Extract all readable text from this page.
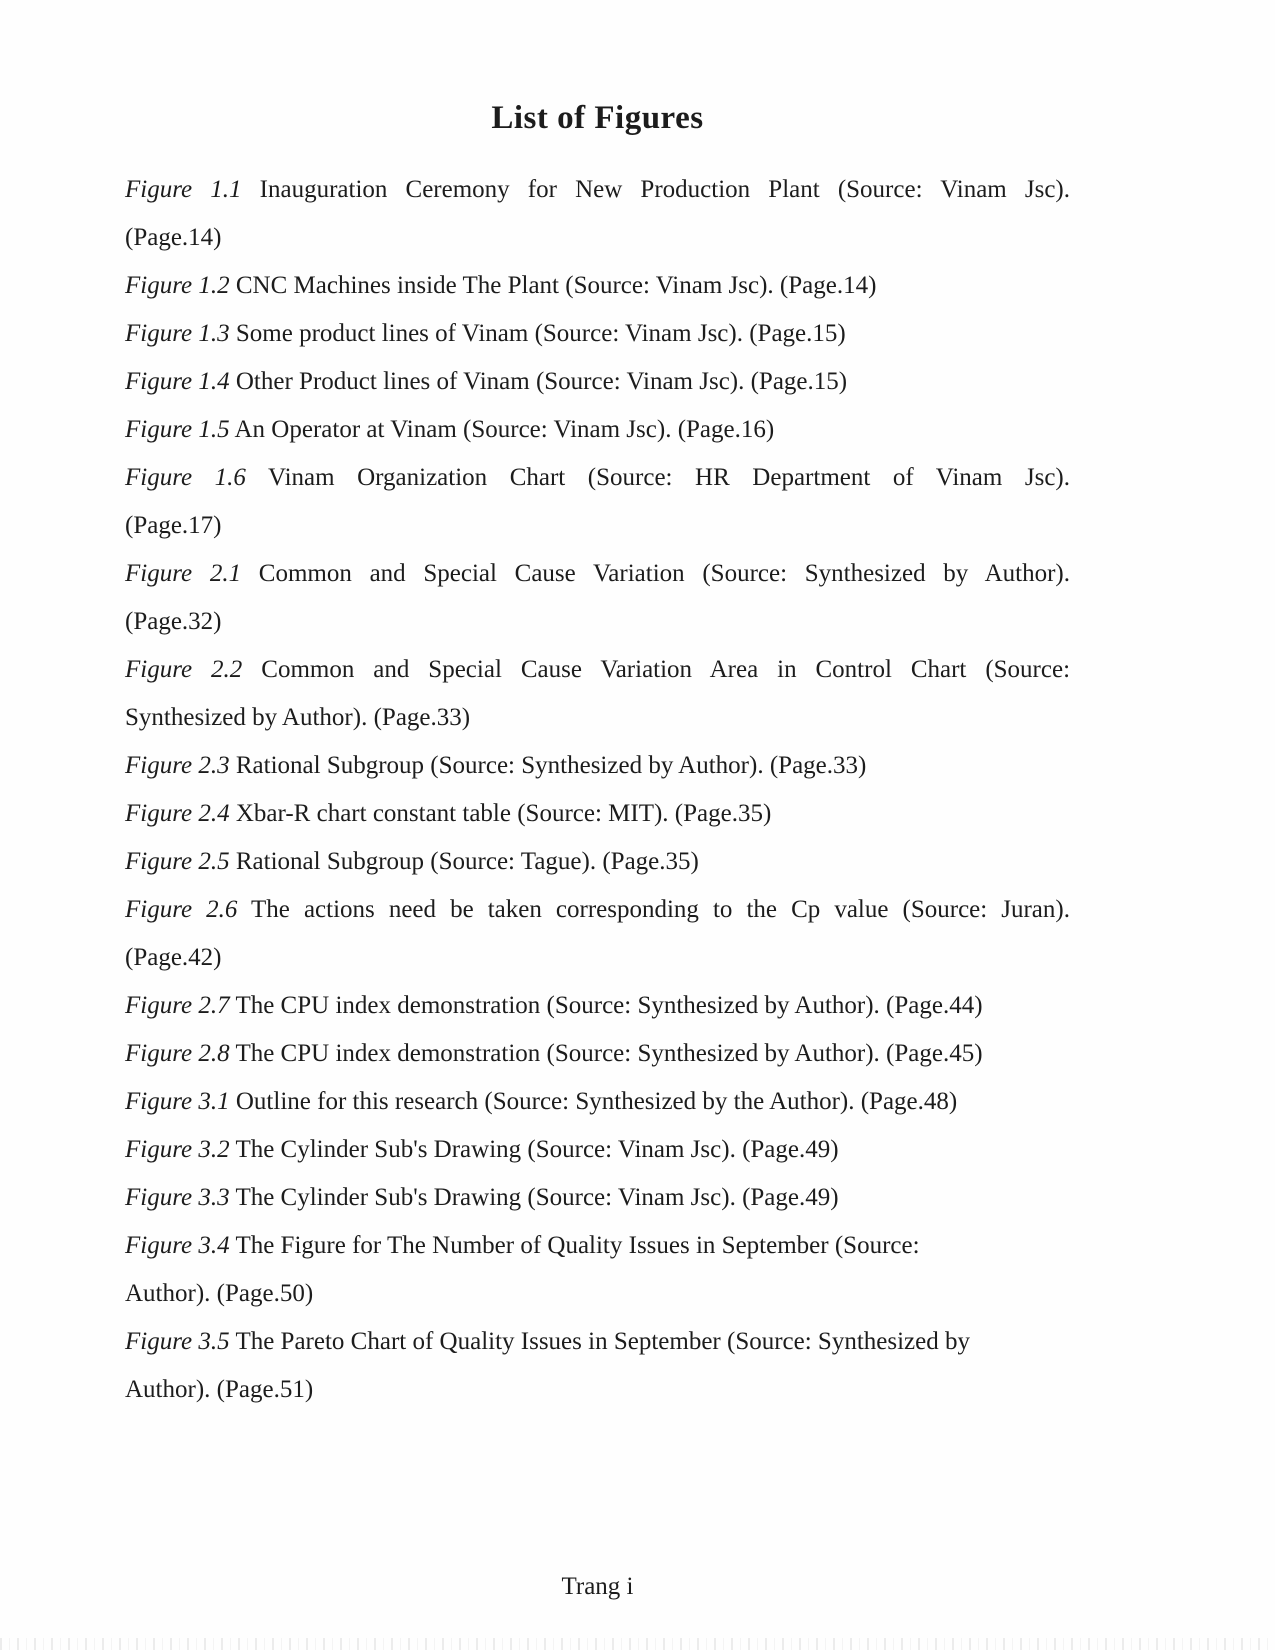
List of Figures

Figure 1.1 Inauguration Ceremony for New Production Plant (Source: Vinam Jsc).
(Page.14)

Figure 1.2 CNC Machines inside The Plant (Source: Vinam Jsc). (Page.14)

Figure 1.3 Some product lines of Vinam (Source: Vinam Jsc). (Page.15)

Figure 1.4 Other Product lines of Vinam (Source: Vinam Jsc). (Page.15)

Figure 1.5 An Operator at Vinam (Source: Vinam Jsc). (Page.16)

Figure 1.6 Vinam Organization Chart (Source: HR Department of Vinam Jsc).
(Page.17)

Figure 2.1 Common and Special Cause Variation (Source: Synthesized by Author).
(Page.32)

Figure 2.2 Common and Special Cause Variation Area in Control Chart (Source:
Synthesized by Author). (Page.33)

Figure 2.3 Rational Subgroup (Source: Synthesized by Author). (Page.33)

Figure 2.4 Xbar-R chart constant table (Source: MIT). (Page.35)

Figure 2.5 Rational Subgroup (Source: Tague). (Page.35)

Figure 2.6 The actions need be taken corresponding to the Cp value (Source: Juran).
(Page.42)

Figure 2.7 The CPU index demonstration (Source: Synthesized by Author). (Page.44)

Figure 2.8 The CPU index demonstration (Source: Synthesized by Author). (Page.45)

Figure 3.1 Outline for this research (Source: Synthesized by the Author). (Page.48)

Figure 3.2 The Cylinder Sub's Drawing (Source: Vinam Jsc). (Page.49)

Figure 3.3 The Cylinder Sub's Drawing (Source: Vinam Jsc). (Page.49)

Figure 3.4 The Figure for The Number of Quality Issues in September (Source:
Author). (Page.50)

Figure 3.5 The Pareto Chart of Quality Issues in September (Source: Synthesized by
Author). (Page.51)

Trang i
